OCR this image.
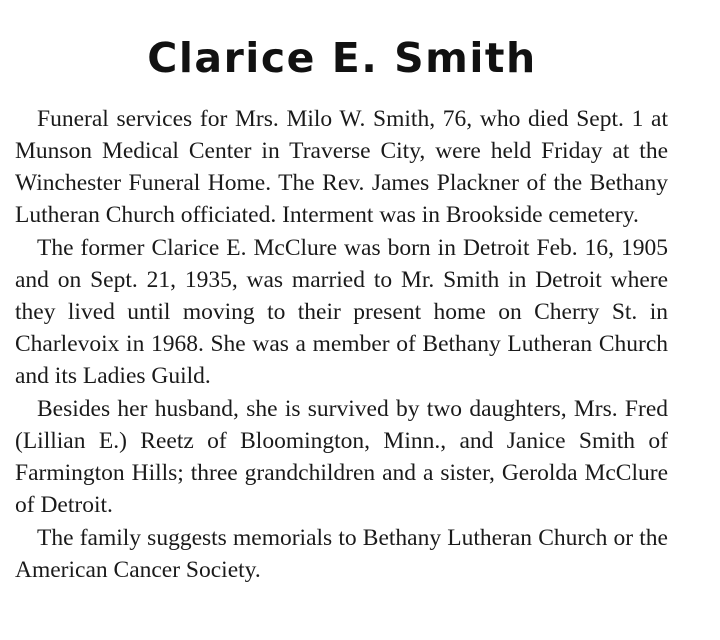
Clarice E. Smith

Funeral services for Mrs. Milo W. Smith, 76, who died Sept. 1 at Munson Medical Center in Traverse City, were held Friday at the Winchester Funeral Home. The Rev. James Plackner of the Bethany Lutheran Church officiated. Interment was in Brookside cemetery.

The former Clarice E. McClure was born in Detroit Feb. 16, 1905 and on Sept. 21, 1935, was married to Mr. Smith in Detroit where they lived until moving to their present home on Cherry St. in Charlevoix in 1968. She was a member of Bethany Lutheran Church and its Ladies Guild.

Besides her husband, she is survived by two daughters, Mrs. Fred (Lillian E.) Reetz of Bloomington, Minn., and Janice Smith of Farmington Hills; three grandchildren and a sister, Gerolda McClure of Detroit.

The family suggests memorials to Bethany Lutheran Church or the American Cancer Society.
